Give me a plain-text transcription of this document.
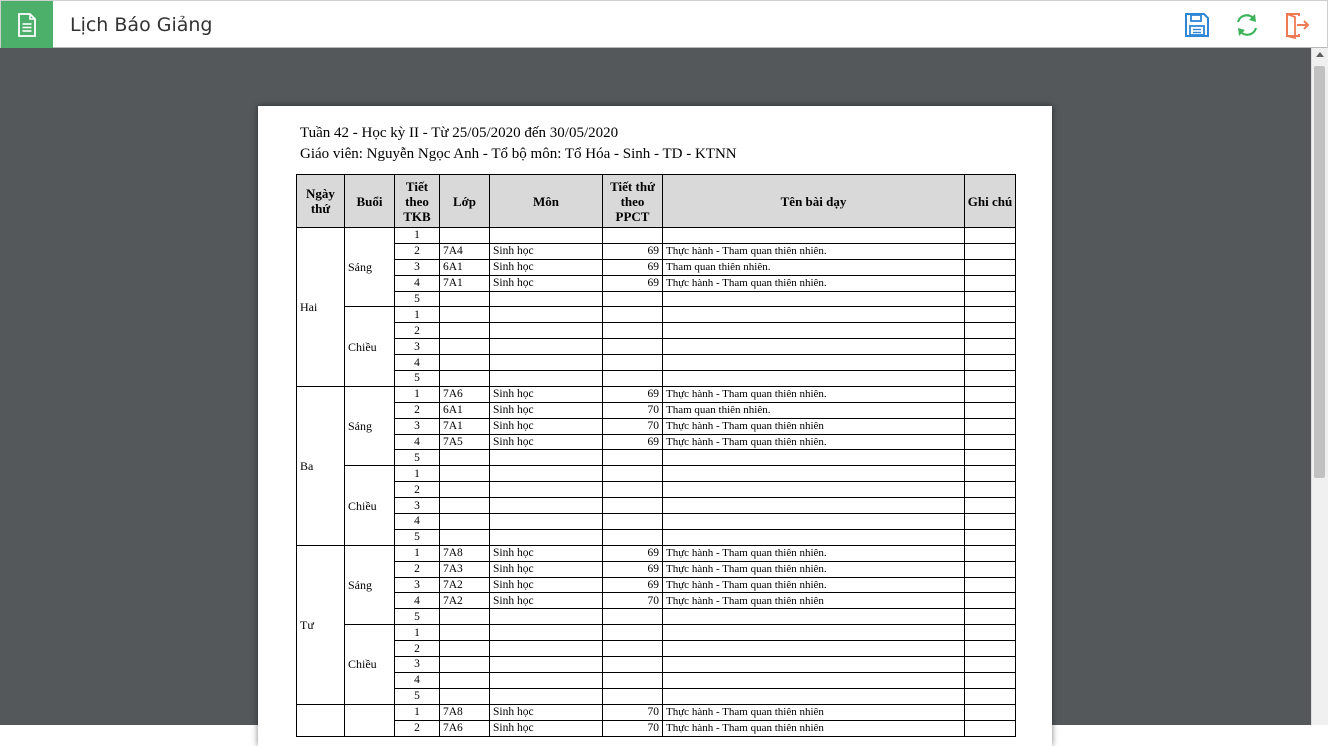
Lịch Báo Giảng
Tuần 42 - Học kỳ II - Từ 25/05/2020 đến 30/05/2020
Giáo viên: Nguyễn Ngọc Anh - Tổ bộ môn: Tổ Hóa - Sinh - TD - KTNN
Ngày thứ	Buổi	Tiết theo TKB	Lớp	Môn	Tiết thứ theo PPCT	Tên bài dạy	Ghi chú
Hai	Sáng	1					
		2	7A4	Sinh học	69	Thực hành - Tham quan thiên nhiên.	
		3	6A1	Sinh học	69	Tham quan thiên nhiên.	
		4	7A1	Sinh học	69	Thực hành - Tham quan thiên nhiên.	
		5					
	Chiều	1					
		2					
		3					
		4					
		5					
Ba	Sáng	1	7A6	Sinh học	69	Thực hành - Tham quan thiên nhiên.	
		2	6A1	Sinh học	70	Tham quan thiên nhiên.	
		3	7A1	Sinh học	70	Thực hành - Tham quan thiên nhiên	
		4	7A5	Sinh học	69	Thực hành - Tham quan thiên nhiên.	
		5					
	Chiều	1					
		2					
		3					
		4					
		5					
Tư	Sáng	1	7A8	Sinh học	69	Thực hành - Tham quan thiên nhiên.	
		2	7A3	Sinh học	69	Thực hành - Tham quan thiên nhiên.	
		3	7A2	Sinh học	69	Thực hành - Tham quan thiên nhiên.	
		4	7A2	Sinh học	70	Thực hành - Tham quan thiên nhiên	
		5					
	Chiều	1					
		2					
		3					
		4					
		5					
		1	7A8	Sinh học	70	Thực hành - Tham quan thiên nhiên	
		2	7A6	Sinh học	70	Thực hành - Tham quan thiên nhiên	
